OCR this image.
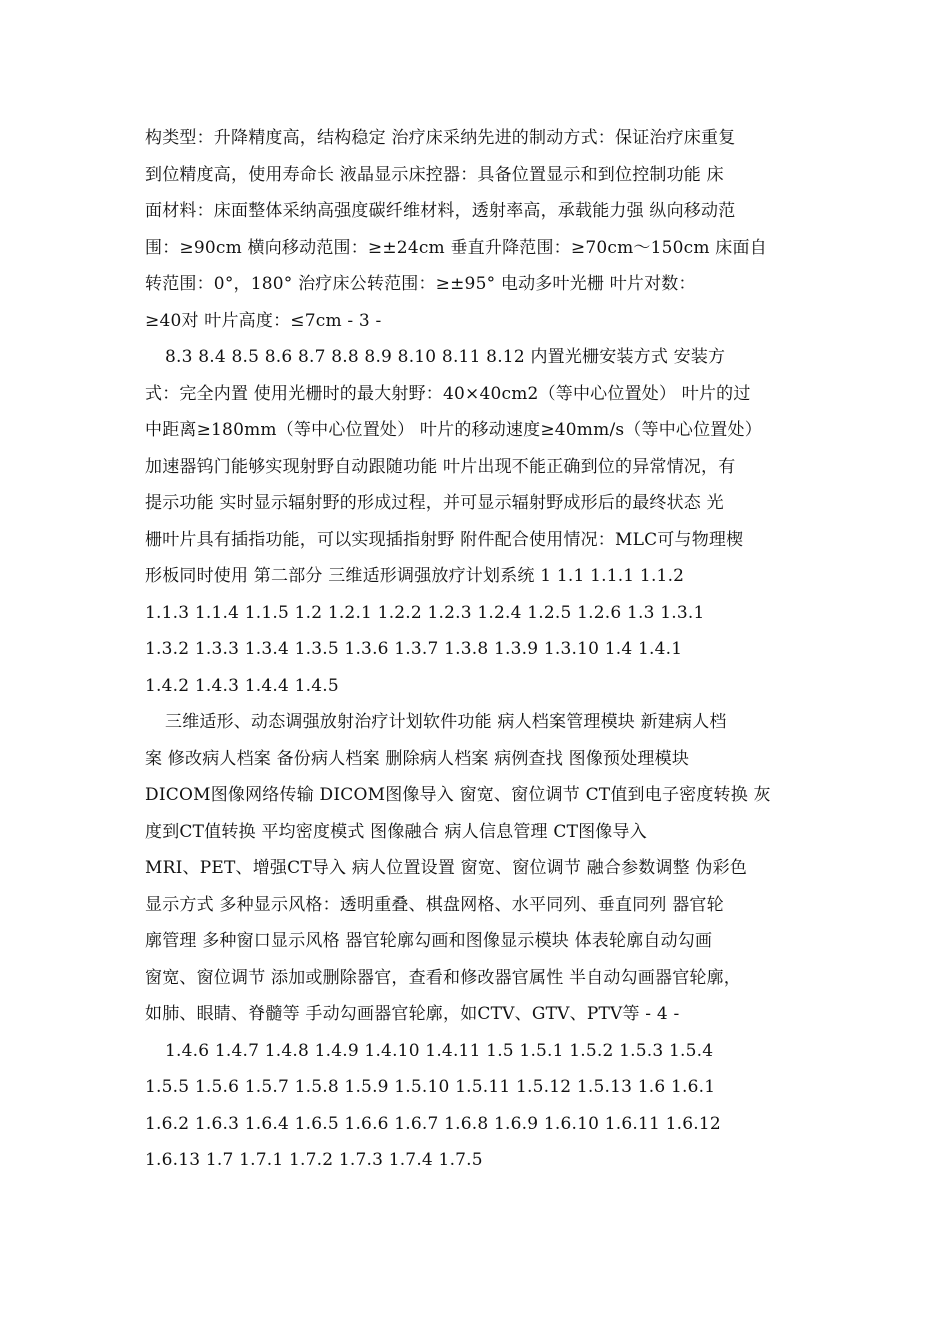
构类型：升降精度高，结构稳定 治疗床采纳先进的制动方式：保证治疗床重复
到位精度高，使用寿命长 液晶显示床控器：具备位置显示和到位控制功能 床
面材料：床面整体采纳高强度碳纤维材料，透射率高，承载能力强 纵向移动范
围：≥90cm 横向移动范围：≥±24cm 垂直升降范围：≥70cm～150cm 床面自
转范围：0°，180° 治疗床公转范围：≥±95° 电动多叶光栅 叶片对数：
≥40对 叶片高度：≤7cm - 3 -
8.3 8.4 8.5 8.6 8.7 8.8 8.9 8.10 8.11 8.12 内置光栅安装方式 安装方
式：完全内置 使用光栅时的最大射野：40×40cm2（等中心位置处） 叶片的过
中距离≥180mm（等中心位置处） 叶片的移动速度≥40mm/s（等中心位置处）
加速器钨门能够实现射野自动跟随功能 叶片出现不能正确到位的异常情况，有
提示功能 实时显示辐射野的形成过程，并可显示辐射野成形后的最终状态 光
栅叶片具有插指功能，可以实现插指射野 附件配合使用情况：MLC可与物理楔
形板同时使用 第二部分 三维适形调强放疗计划系统 1 1.1 1.1.1 1.1.2
1.1.3 1.1.4 1.1.5 1.2 1.2.1 1.2.2 1.2.3 1.2.4 1.2.5 1.2.6 1.3 1.3.1
1.3.2 1.3.3 1.3.4 1.3.5 1.3.6 1.3.7 1.3.8 1.3.9 1.3.10 1.4 1.4.1
1.4.2 1.4.3 1.4.4 1.4.5
三维适形、动态调强放射治疗计划软件功能 病人档案管理模块 新建病人档
案 修改病人档案 备份病人档案 删除病人档案 病例查找 图像预处理模块
DICOM图像网络传输 DICOM图像导入 窗宽、窗位调节 CT值到电子密度转换 灰
度到CT值转换 平均密度模式 图像融合 病人信息管理 CT图像导入
MRI、PET、增强CT导入 病人位置设置 窗宽、窗位调节 融合参数调整 伪彩色
显示方式 多种显示风格：透明重叠、棋盘网格、水平同列、垂直同列 器官轮
廓管理 多种窗口显示风格 器官轮廓勾画和图像显示模块 体表轮廓自动勾画
窗宽、窗位调节 添加或删除器官，查看和修改器官属性 半自动勾画器官轮廓，
如肺、眼睛、脊髓等 手动勾画器官轮廓，如CTV、GTV、PTV等 - 4 -
1.4.6 1.4.7 1.4.8 1.4.9 1.4.10 1.4.11 1.5 1.5.1 1.5.2 1.5.3 1.5.4
1.5.5 1.5.6 1.5.7 1.5.8 1.5.9 1.5.10 1.5.11 1.5.12 1.5.13 1.6 1.6.1
1.6.2 1.6.3 1.6.4 1.6.5 1.6.6 1.6.7 1.6.8 1.6.9 1.6.10 1.6.11 1.6.12
1.6.13 1.7 1.7.1 1.7.2 1.7.3 1.7.4 1.7.5
